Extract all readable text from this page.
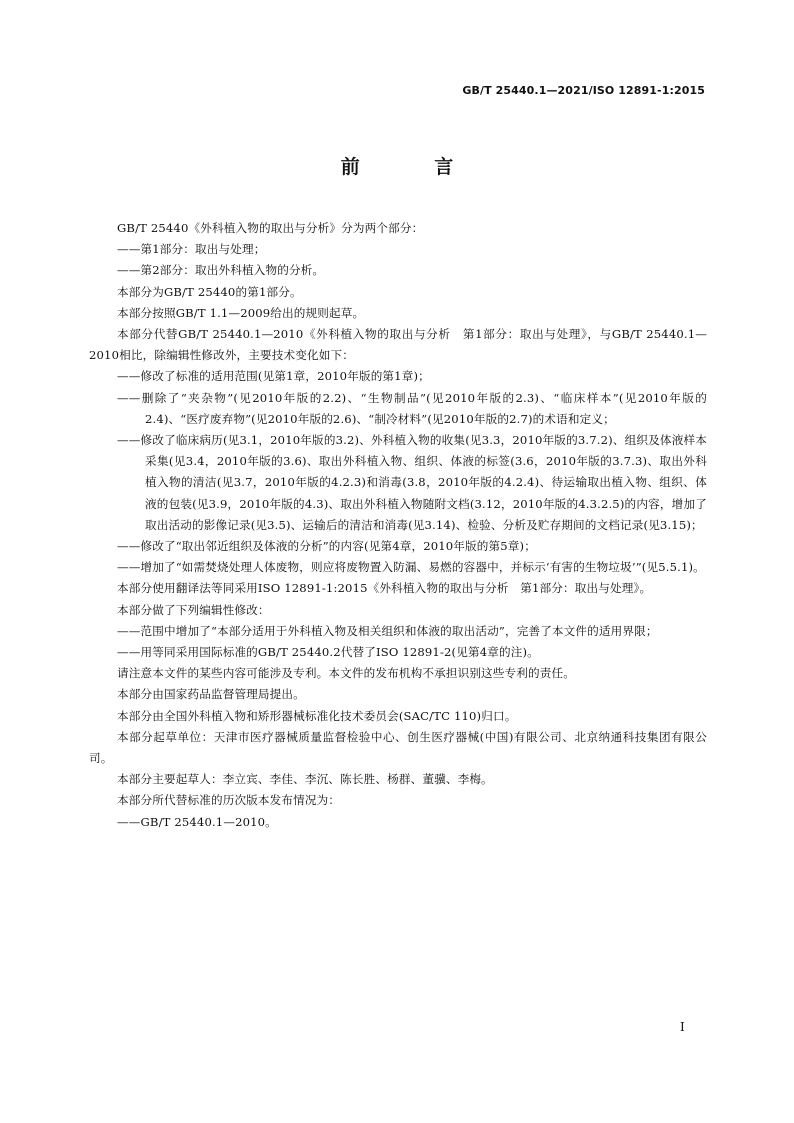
GB/T 25440.1—2021/ISO 12891-1:2015
前 言
GB/T 25440《外科植入物的取出与分析》分为两个部分：
——第1部分：取出与处理；
——第2部分：取出外科植入物的分析。
本部分为GB/T 25440的第1部分。
本部分按照GB/T 1.1—2009给出的规则起草。
本部分代替GB/T 25440.1—2010《外科植入物的取出与分析　第1部分：取出与处理》，与GB/T 25440.1—2010相比，除编辑性修改外，主要技术变化如下：
——修改了标准的适用范围(见第1章，2010年版的第1章)；
——删除了“夹杂物”(见2010年版的2.2)、“生物制品”(见2010年版的2.3)、“临床样本”(见2010年版的2.4)、“医疗废弃物”(见2010年版的2.6)、“制冷材料”(见2010年版的2.7)的术语和定义；
——修改了临床病历(见3.1，2010年版的3.2)、外科植入物的收集(见3.3，2010年版的3.7.2)、组织及体液样本采集(见3.4，2010年版的3.6)、取出外科植入物、组织、体液的标签(3.6，2010年版的3.7.3)、取出外科植入物的清洁(见3.7，2010年版的4.2.3)和消毒(3.8，2010年版的4.2.4)、待运输取出植入物、组织、体液的包装(见3.9，2010年版的4.3)、取出外科植入物随附文档(3.12，2010年版的4.3.2.5)的内容，增加了取出活动的影像记录(见3.5)、运输后的清洁和消毒(见3.14)、检验、分析及贮存期间的文档记录(见3.15)；
——修改了“取出邻近组织及体液的分析”的内容(见第4章，2010年版的第5章)；
——增加了“如需焚烧处理人体废物，则应将废物置入防漏、易燃的容器中，并标示‘有害的生物垃圾’”(见5.5.1)。
本部分使用翻译法等同采用ISO 12891-1:2015《外科植入物的取出与分析　第1部分：取出与处理》。
本部分做了下列编辑性修改：
——范围中增加了“本部分适用于外科植入物及相关组织和体液的取出活动”，完善了本文件的适用界限；
——用等同采用国际标准的GB/T 25440.2代替了ISO 12891-2(见第4章的注)。
请注意本文件的某些内容可能涉及专利。本文件的发布机构不承担识别这些专利的责任。
本部分由国家药品监督管理局提出。
本部分由全国外科植入物和矫形器械标准化技术委员会(SAC/TC 110)归口。
本部分起草单位：天津市医疗器械质量监督检验中心、创生医疗器械(中国)有限公司、北京纳通科技集团有限公司。
本部分主要起草人：李立宾、李佳、李沉、陈长胜、杨群、董骥、李梅。
本部分所代替标准的历次版本发布情况为：
——GB/T 25440.1—2010。
I
